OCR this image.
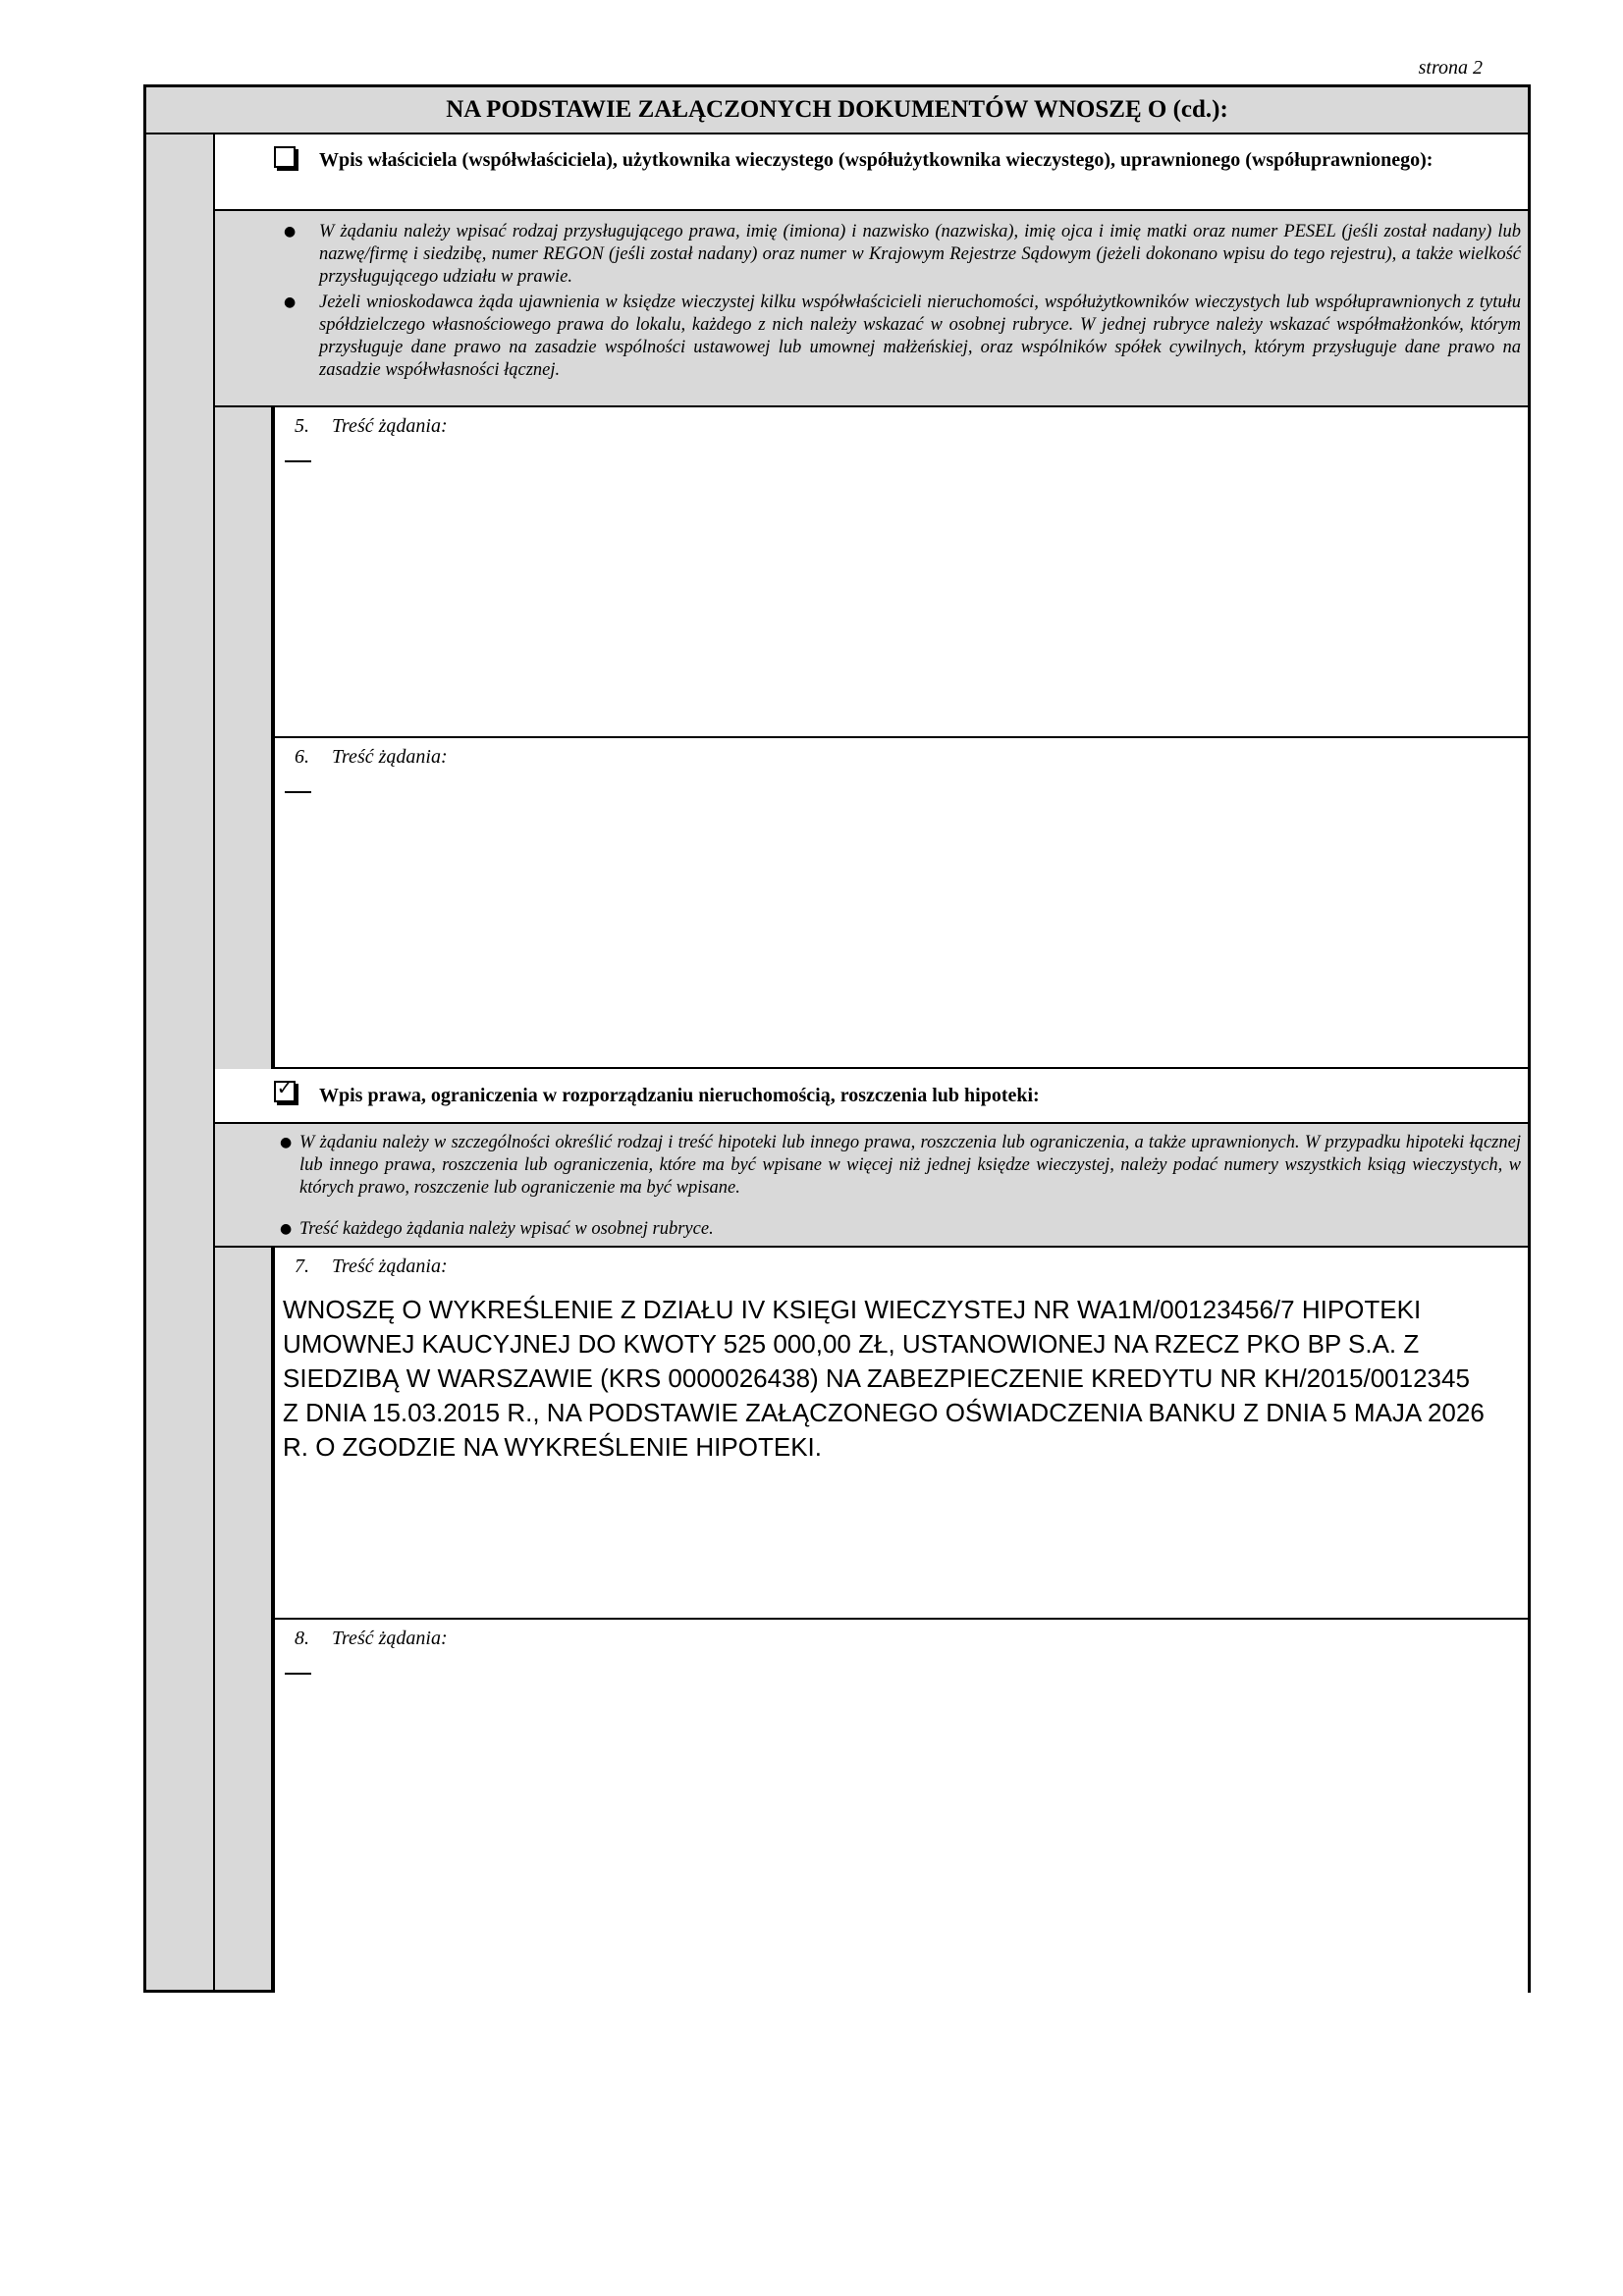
strona 2
NA PODSTAWIE ZAŁĄCZONYCH DOKUMENTÓW WNOSZĘ O (cd.):
Wpis właściciela (współwłaściciela), użytkownika wieczystego (współużytkownika wieczystego), uprawnionego (współuprawnionego):
● W żądaniu należy wpisać rodzaj przysługującego prawa, imię (imiona) i nazwisko (nazwiska), imię ojca i imię matki oraz numer PESEL (jeśli został nadany) lub nazwę/firmę i siedzibę, numer REGON (jeśli został nadany) oraz numer w Krajowym Rejestrze Sądowym (jeżeli dokonano wpisu do tego rejestru), a także wielkość przysługującego udziału w prawie.
● Jeżeli wnioskodawca żąda ujawnienia w księdze wieczystej kilku współwłaścicieli nieruchomości, współużytkowników wieczystych lub współuprawnionych z tytułu spółdzielczego własnościowego prawa do lokalu, każdego z nich należy wskazać w osobnej rubryce. W jednej rubryce należy wskazać współmałżonków, którym przysługuje dane prawo na zasadzie wspólności ustawowej lub umownej małżeńskiej, oraz wspólników spółek cywilnych, którym przysługuje dane prawo na zasadzie współwłasności łącznej.
5. Treść żądania:
6. Treść żądania:
✓ Wpis prawa, ograniczenia w rozporządzaniu nieruchomością, roszczenia lub hipoteki:
● W żądaniu należy w szczególności określić rodzaj i treść hipoteki lub innego prawa, roszczenia lub ograniczenia, a także uprawnionych. W przypadku hipoteki łącznej lub innego prawa, roszczenia lub ograniczenia, które ma być wpisane w więcej niż jednej księdze wieczystej, należy podać numery wszystkich ksiąg wieczystych, w których prawo, roszczenie lub ograniczenie ma być wpisane.
● Treść każdego żądania należy wpisać w osobnej rubryce.
7. Treść żądania:
WNOSZĘ O WYKREŚLENIE Z DZIAŁU IV KSIĘGI WIECZYSTEJ NR WA1M/00123456/7 HIPOTEKI UMOWNEJ KAUCYJNEJ DO KWOTY 525 000,00 ZŁ, USTANOWIONEJ NA RZECZ PKO BP S.A. Z SIEDZIBĄ W WARSZAWIE (KRS 0000026438) NA ZABEZPIECZENIE KREDYTU NR KH/2015/0012345 Z DNIA 15.03.2015 R., NA PODSTAWIE ZAŁĄCZONEGO OŚWIADCZENIA BANKU Z DNIA 5 MAJA 2026 R. O ZGODZIE NA WYKREŚLENIE HIPOTEKI.
8. Treść żądania:
